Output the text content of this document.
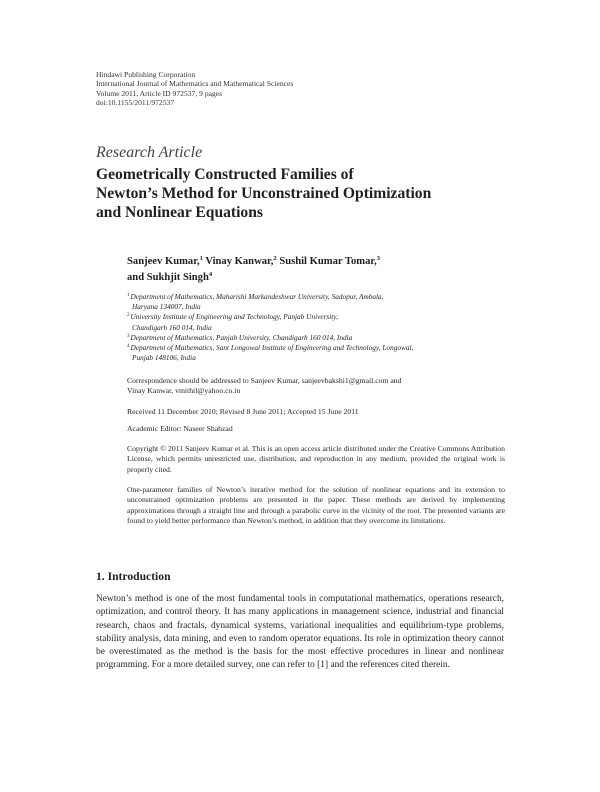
Hindawi Publishing Corporation
International Journal of Mathematics and Mathematical Sciences
Volume 2011, Article ID 972537, 9 pages
doi:10.1155/2011/972537
Research Article
Geometrically Constructed Families of
Newton’s Method for Unconstrained Optimization
and Nonlinear Equations
Sanjeev Kumar,$^1$ Vinay Kanwar,$^2$ Sushil Kumar Tomar,$^3$
and Sukhjit Singh$^4$
$^1$Department of Mathematics, Maharishi Markandeshwar University, Sadopur, Ambala,
Haryana 134007, India
$^2$University Institute of Engineering and Technology, Panjab University,
Chandigarh 160 014, India
$^3$Department of Mathematics, Panjab University, Chandigarh 160 014, India
$^4$Department of Mathematics, Sant Longowal Institute of Engineering and Technology, Longowal,
Punjab 148106, India
Correspondence should be addressed to Sanjeev Kumar, sanjeevbakshi1@gmail.com and
Vinay Kanwar, vmithil@yahoo.co.in
Received 11 December 2010; Revised 8 June 2011; Accepted 15 June 2011
Academic Editor: Naseer Shahzad
Copyright © 2011 Sanjeev Kumar et al. This is an open access article distributed under the Creative Commons Attribution License, which permits unrestricted use, distribution, and reproduction in any medium, provided the original work is properly cited.
One-parameter families of Newton’s iterative method for the solution of nonlinear equations and its extension to unconstrained optimization problems are presented in the paper. These methods are derived by implementing approximations through a straight line and through a parabolic curve in the vicinity of the root. The presented variants are found to yield better performance than Newton’s method, in addition that they overcome its limitations.
1. Introduction
Newton’s method is one of the most fundamental tools in computational mathematics, operations research, optimization, and control theory. It has many applications in management science, industrial and financial research, chaos and fractals, dynamical systems, variational inequalities and equilibrium-type problems, stability analysis, data mining, and even to random operator equations. Its role in optimization theory cannot be overestimated as the method is the basis for the most effective procedures in linear and nonlinear programming. For a more detailed survey, one can refer to [1] and the references cited therein.
